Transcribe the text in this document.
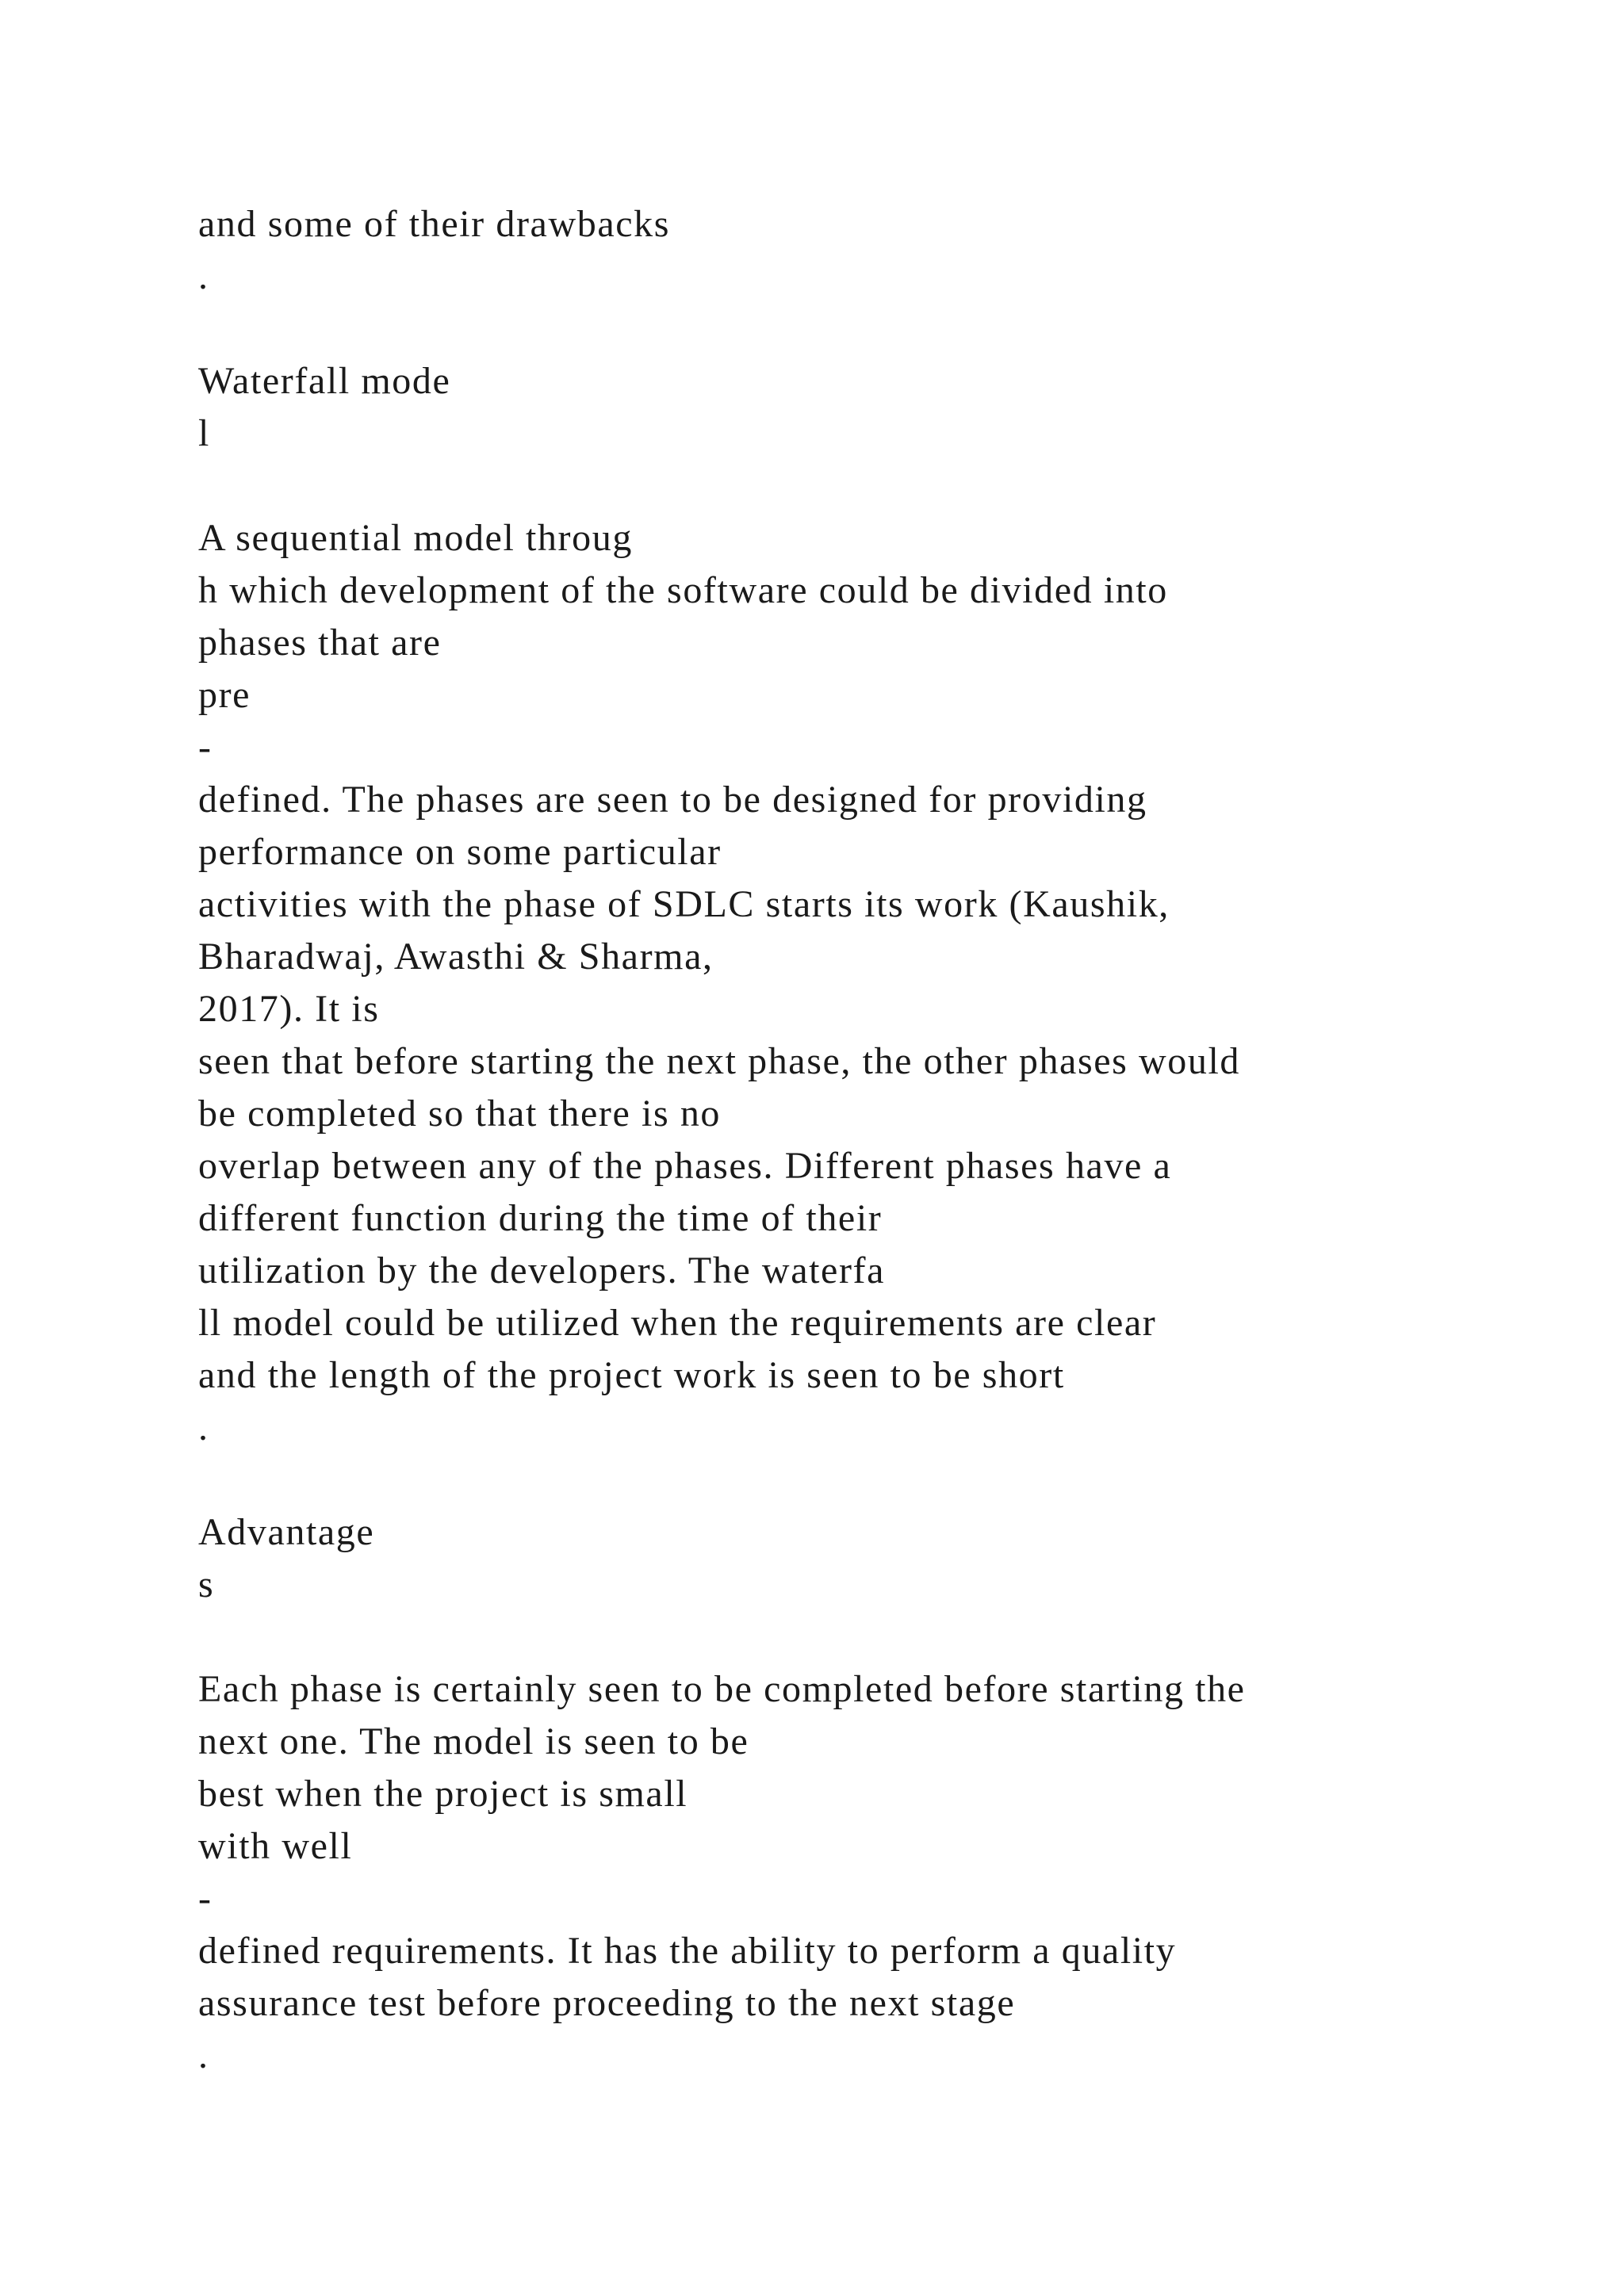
and some of their drawbacks
.
Waterfall mode
l
A sequential model throug
h which development of the software could be divided into
phases that are
pre
-
defined. The phases are seen to be designed for providing
performance on some particular
activities with the phase of SDLC starts its work (Kaushik,
Bharadwaj, Awasthi & Sharma,
2017). It is
seen that before starting the next phase, the other phases would
be completed so that there is no
overlap between any of the phases. Different phases have a
different function during the time of their
utilization by the developers. The waterfa
ll model could be utilized when the requirements are clear
and the length of the project work is seen to be short
.
Advantage
s
Each phase is certainly seen to be completed before starting the
next one. The model is seen to be
best when the project is small
with well
-
defined requirements. It has the ability to perform a quality
assurance test before proceeding to the next stage
.
